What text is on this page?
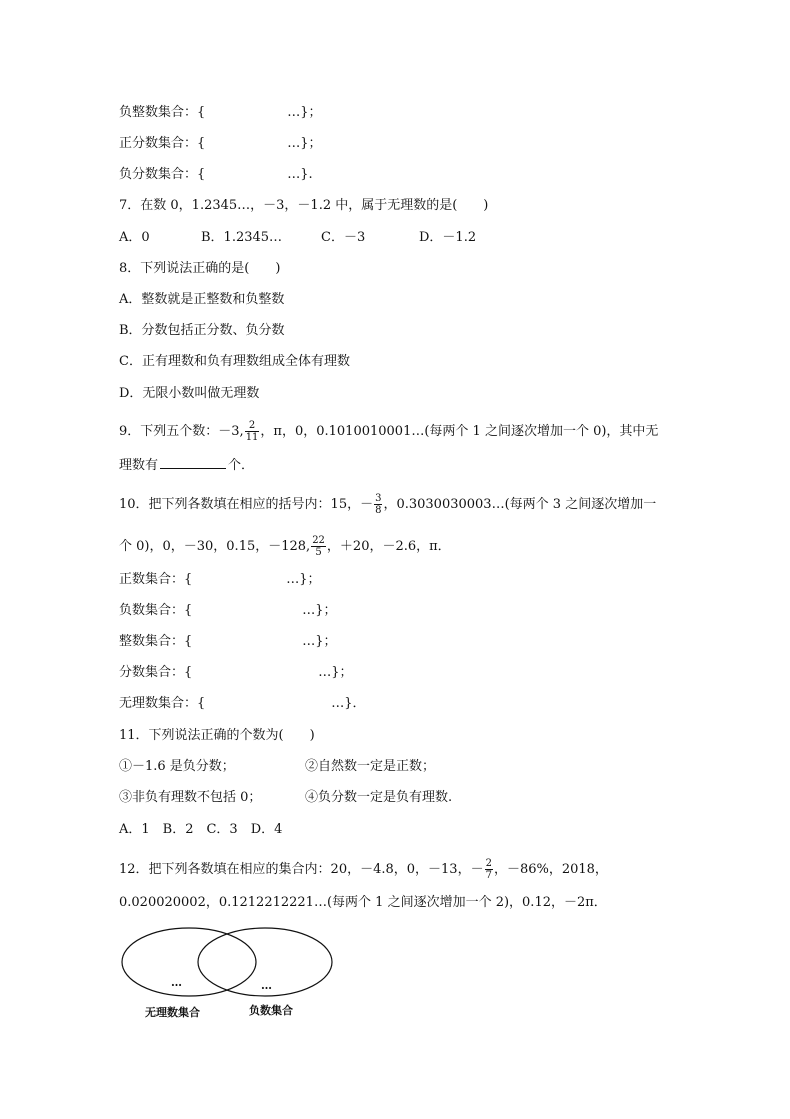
负整数集合：{	…}；
正分数集合：{	…}；
负分数集合：{	…}.
7．在数 0，1.2345…，－3，－1.2 中，属于无理数的是(　　)
A．0	B．1.2345…	C．－3	D．－1.2
8．下列说法正确的是(　　)
A．整数就是正整数和负整数
B．分数包括正分数、负分数
C．正有理数和负有理数组成全体有理数
D．无限小数叫做无理数
9．下列五个数：－3, $\frac{2}{11}$ ，π，0，0.1010010001…(每两个 1 之间逐次增加一个 0)，其中无
理数有	个．
10．把下列各数填在相应的括号内：15，－ $\frac{3}{8}$ ，0.3030030003…(每两个 3 之间逐次增加一
个 0)，0，－30，0.15，－128, $\frac{22}{5}$ ，＋20，－2.6，π．
正数集合：{	…}；
负数集合：{	…}；
整数集合：{	…}；
分数集合：{	…}；
无理数集合：{	…}．
11．下列说法正确的个数为(　　)
①－1.6 是负分数；	②自然数一定是正数；
③非负有理数不包括 0；	④负分数一定是负有理数.
A．1　B．2　C．3　D．4
12．把下列各数填在相应的集合内：20，－4.8，0，－13，－ $\frac{2}{7}$ ，－86%，2018，
0.020020002，0.1212212221…(每两个 1 之间逐次增加一个 2)，0.12，－2π．
…	…
无理数集合	负数集合
